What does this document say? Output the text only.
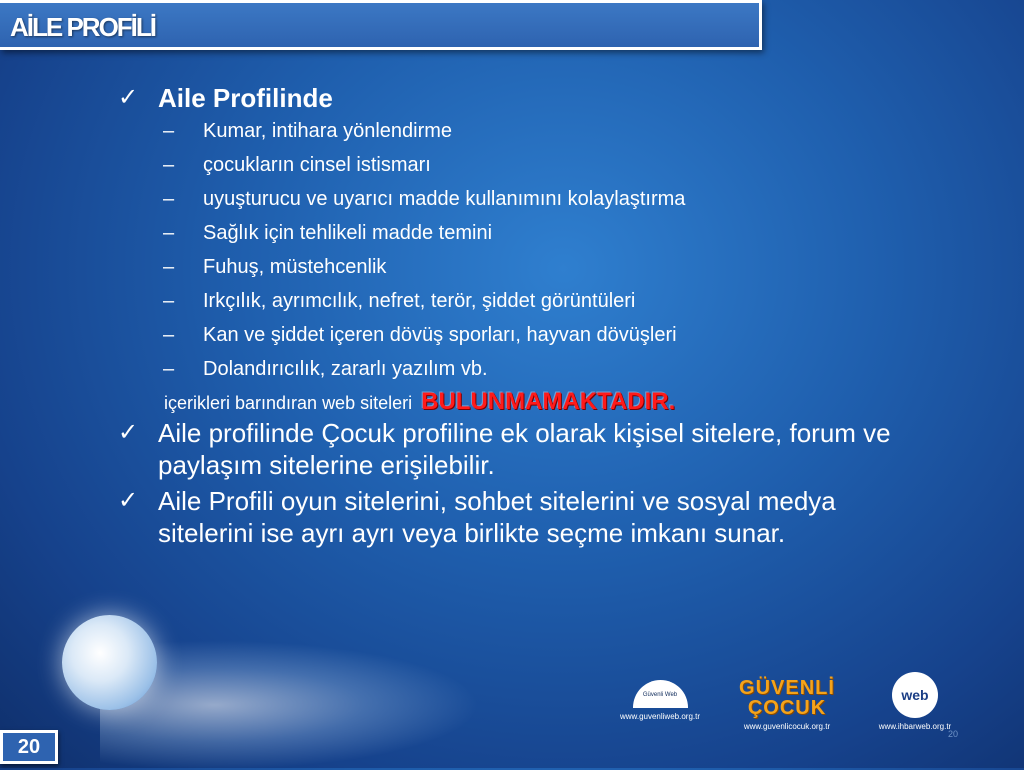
AİLE PROFİLİ
✓ Aile Profilinde
– Kumar, intihara yönlendirme
– çocukların cinsel istismarı
– uyuşturucu ve uyarıcı madde kullanımını kolaylaştırma
– Sağlık için tehlikeli madde temini
– Fuhuş, müstehcenlik
– Irkçılık, ayrımcılık, nefret, terör, şiddet görüntüleri
– Kan ve şiddet içeren dövüş sporları, hayvan dövüşleri
– Dolandırıcılık, zararlı yazılım vb.
içerikleri barındıran web siteleri BULUNMAMAKTADIR.
✓ Aile profilinde Çocuk profiline ek olarak kişisel sitelere, forum ve paylaşım sitelerine erişilebilir.
✓ Aile Profili oyun sitelerini, sohbet sitelerini ve sosyal medya sitelerini ise ayrı ayrı veya birlikte seçme imkanı sunar.
Güvenli Web
www.guvenliweb.org.tr
GÜVENLİ ÇOCUK
www.guvenlicocuk.org.tr
web
www.ihbarweb.org.tr
20
20
